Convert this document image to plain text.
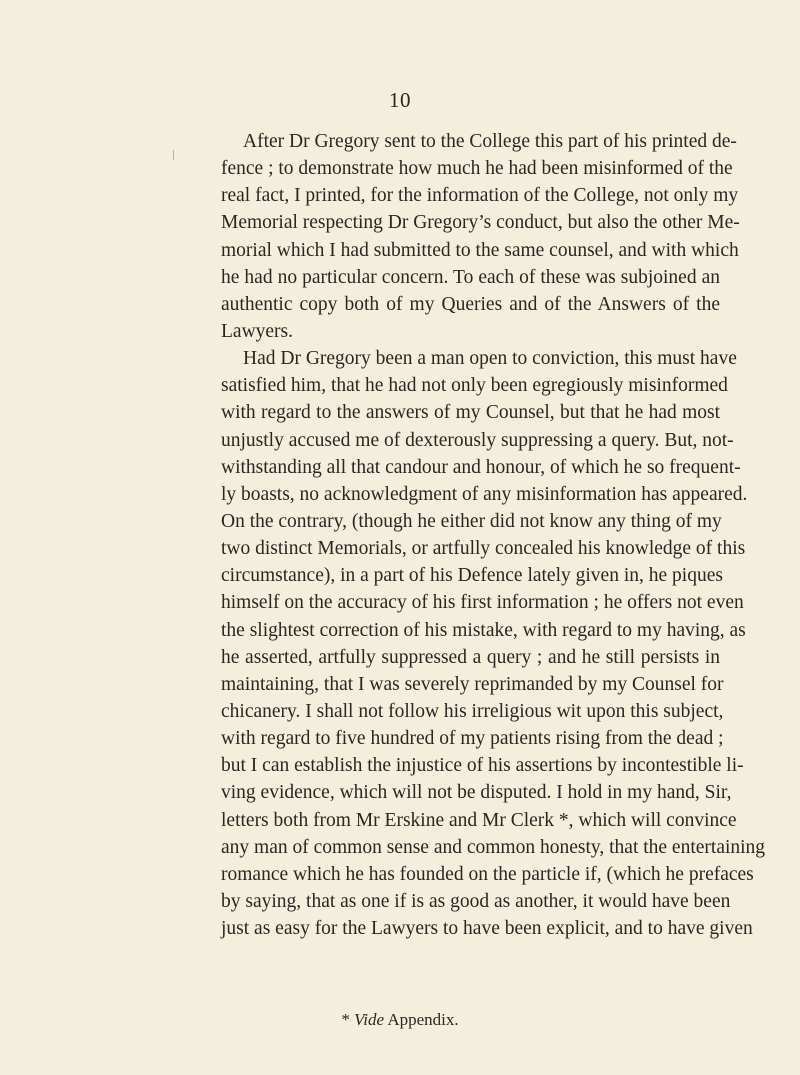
10
After Dr Gregory sent to the College this part of his printed de-
fence ; to demonstrate how much he had been misinformed of the
real fact, I printed, for the information of the College, not only my
Memorial respecting Dr Gregory’s conduct, but also the other Me-
morial which I had submitted to the same counsel, and with which
he had no particular concern. To each of these was subjoined an
authentic copy both of my Queries and of the Answers of the
Lawyers.
Had Dr Gregory been a man open to conviction, this must have
satisfied him, that he had not only been egregiously misinformed
with regard to the answers of my Counsel, but that he had most
unjustly accused me of dexterously suppressing a query. But, not-
withstanding all that candour and honour, of which he so frequent-
ly boasts, no acknowledgment of any misinformation has appeared.
On the contrary, (though he either did not know any thing of my
two distinct Memorials, or artfully concealed his knowledge of this
circumstance), in a part of his Defence lately given in, he piques
himself on the accuracy of his first information ; he offers not even
the slightest correction of his mistake, with regard to my having, as
he asserted, artfully suppressed a query ; and he still persists in
maintaining, that I was severely reprimanded by my Counsel for
chicanery. I shall not follow his irreligious wit upon this subject,
with regard to five hundred of my patients rising from the dead ;
but I can establish the injustice of his assertions by incontestible li-
ving evidence, which will not be disputed. I hold in my hand, Sir,
letters both from Mr Erskine and Mr Clerk *, which will convince
any man of common sense and common honesty, that the entertaining
romance which he has founded on the particle if, (which he prefaces
by saying, that as one if is as good as another, it would have been
just as easy for the Lawyers to have been explicit, and to have given
* Vide Appendix.
